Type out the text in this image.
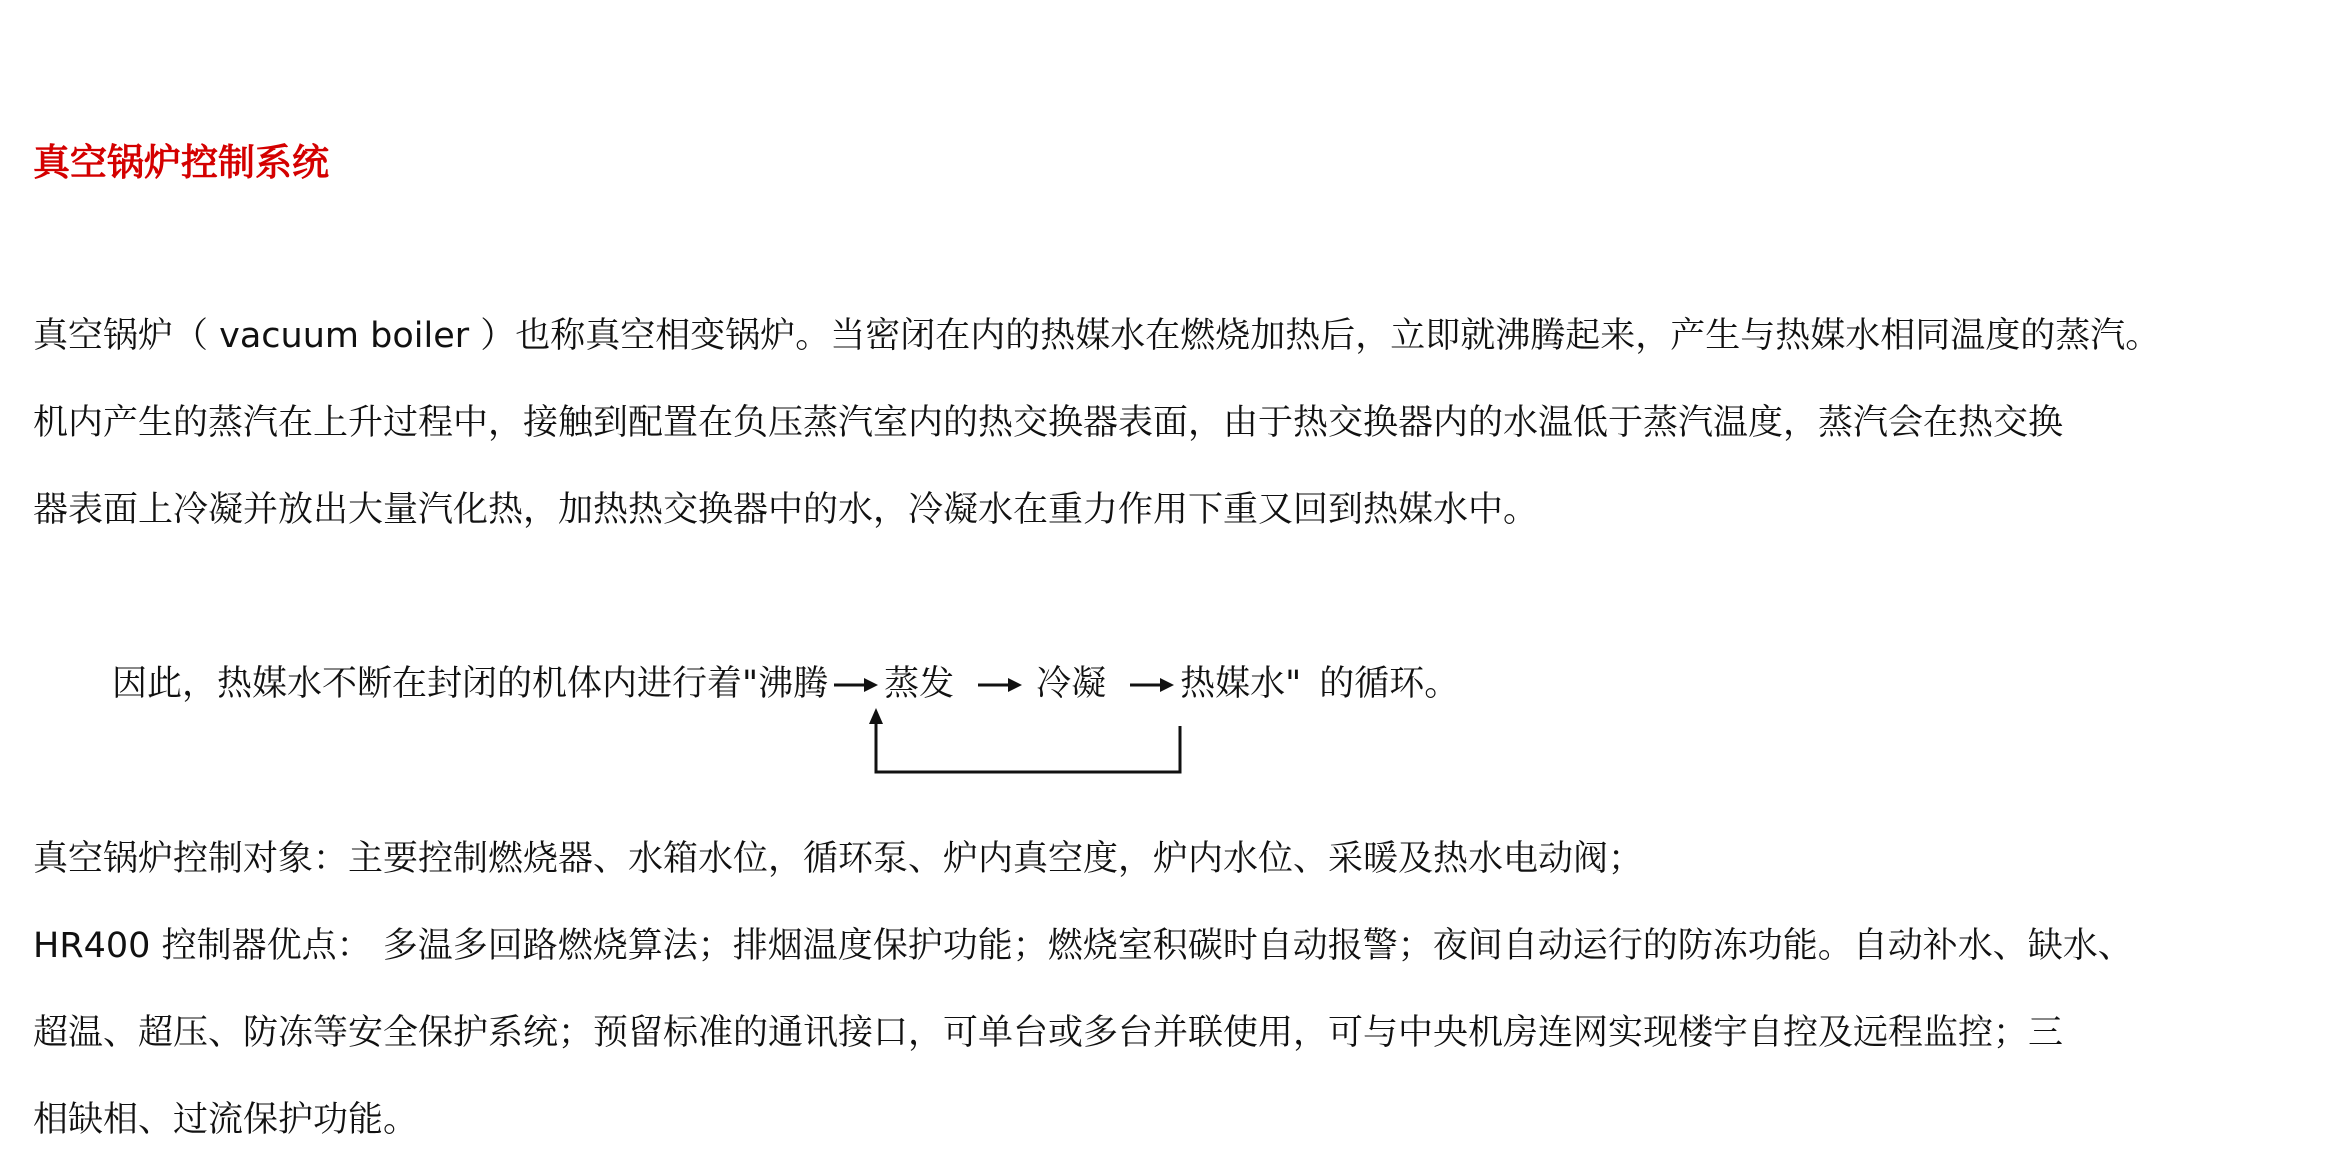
真空锅炉控制系统
真空锅炉（ vacuum boiler ）也称真空相变锅炉。当密闭在内的热媒水在燃烧加热后，立即就沸腾起来，产生与热媒水相同温度的蒸汽。
机内产生的蒸汽在上升过程中，接触到配置在负压蒸汽室内的热交换器表面，由于热交换器内的水温低于蒸汽温度，蒸汽会在热交换
器表面上冷凝并放出大量汽化热，加热热交换器中的水，冷凝水在重力作用下重又回到热媒水中。
因此，热媒水不断在封闭的机体内进行着"沸腾 蒸发 冷凝 热媒水" 的循环。
真空锅炉控制对象：主要控制燃烧器、水箱水位，循环泵、炉内真空度，炉内水位、采暖及热水电动阀；
HR400 控制器优点： 多温多回路燃烧算法；排烟温度保护功能；燃烧室积碳时自动报警；夜间自动运行的防冻功能。自动补水、缺水、
超温、超压、防冻等安全保护系统；预留标准的通讯接口，可单台或多台并联使用，可与中央机房连网实现楼宇自控及远程监控；三
相缺相、过流保护功能。
